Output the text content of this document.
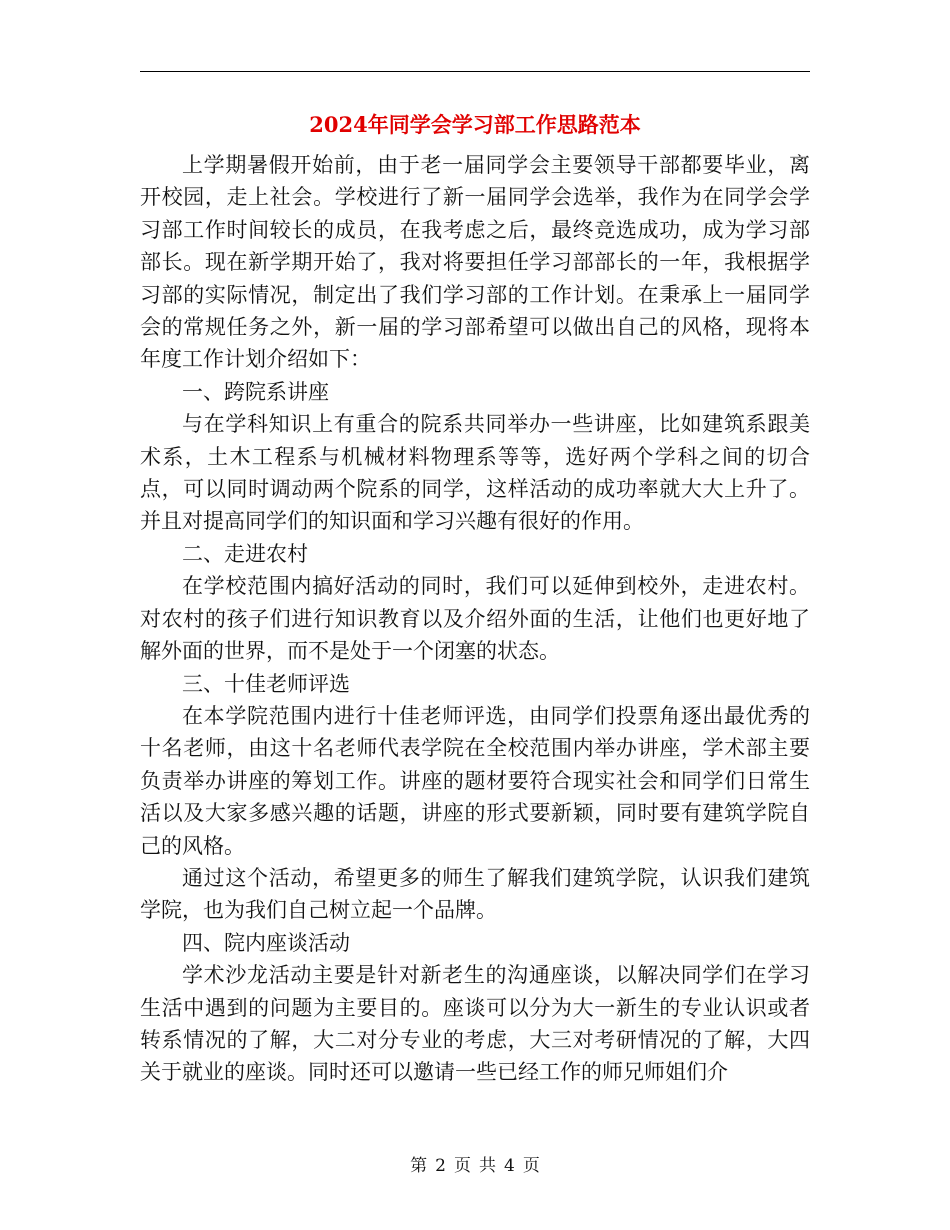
2024年同学会学习部工作思路范本

上学期暑假开始前，由于老一届同学会主要领导干部都要毕业，离开校园，走上社会。学校进行了新一届同学会选举，我作为在同学会学习部工作时间较长的成员，在我考虑之后，最终竞选成功，成为学习部部长。现在新学期开始了，我对将要担任学习部部长的一年，我根据学习部的实际情况，制定出了我们学习部的工作计划。在秉承上一届同学会的常规任务之外，新一届的学习部希望可以做出自己的风格，现将本年度工作计划介绍如下：

一、跨院系讲座

与在学科知识上有重合的院系共同举办一些讲座，比如建筑系跟美术系，土木工程系与机械材料物理系等等，选好两个学科之间的切合点，可以同时调动两个院系的同学，这样活动的成功率就大大上升了。并且对提高同学们的知识面和学习兴趣有很好的作用。

二、走进农村

在学校范围内搞好活动的同时，我们可以延伸到校外，走进农村。对农村的孩子们进行知识教育以及介绍外面的生活，让他们也更好地了解外面的世界，而不是处于一个闭塞的状态。

三、十佳老师评选

在本学院范围内进行十佳老师评选，由同学们投票角逐出最优秀的十名老师，由这十名老师代表学院在全校范围内举办讲座，学术部主要负责举办讲座的筹划工作。讲座的题材要符合现实社会和同学们日常生活以及大家多感兴趣的话题，讲座的形式要新颖，同时要有建筑学院自己的风格。

通过这个活动，希望更多的师生了解我们建筑学院，认识我们建筑学院，也为我们自己树立起一个品牌。

四、院内座谈活动

学术沙龙活动主要是针对新老生的沟通座谈，以解决同学们在学习生活中遇到的问题为主要目的。座谈可以分为大一新生的专业认识或者转系情况的了解，大二对分专业的考虑，大三对考研情况的了解，大四关于就业的座谈。同时还可以邀请一些已经工作的师兄师姐们介

第 2 页 共 4 页
